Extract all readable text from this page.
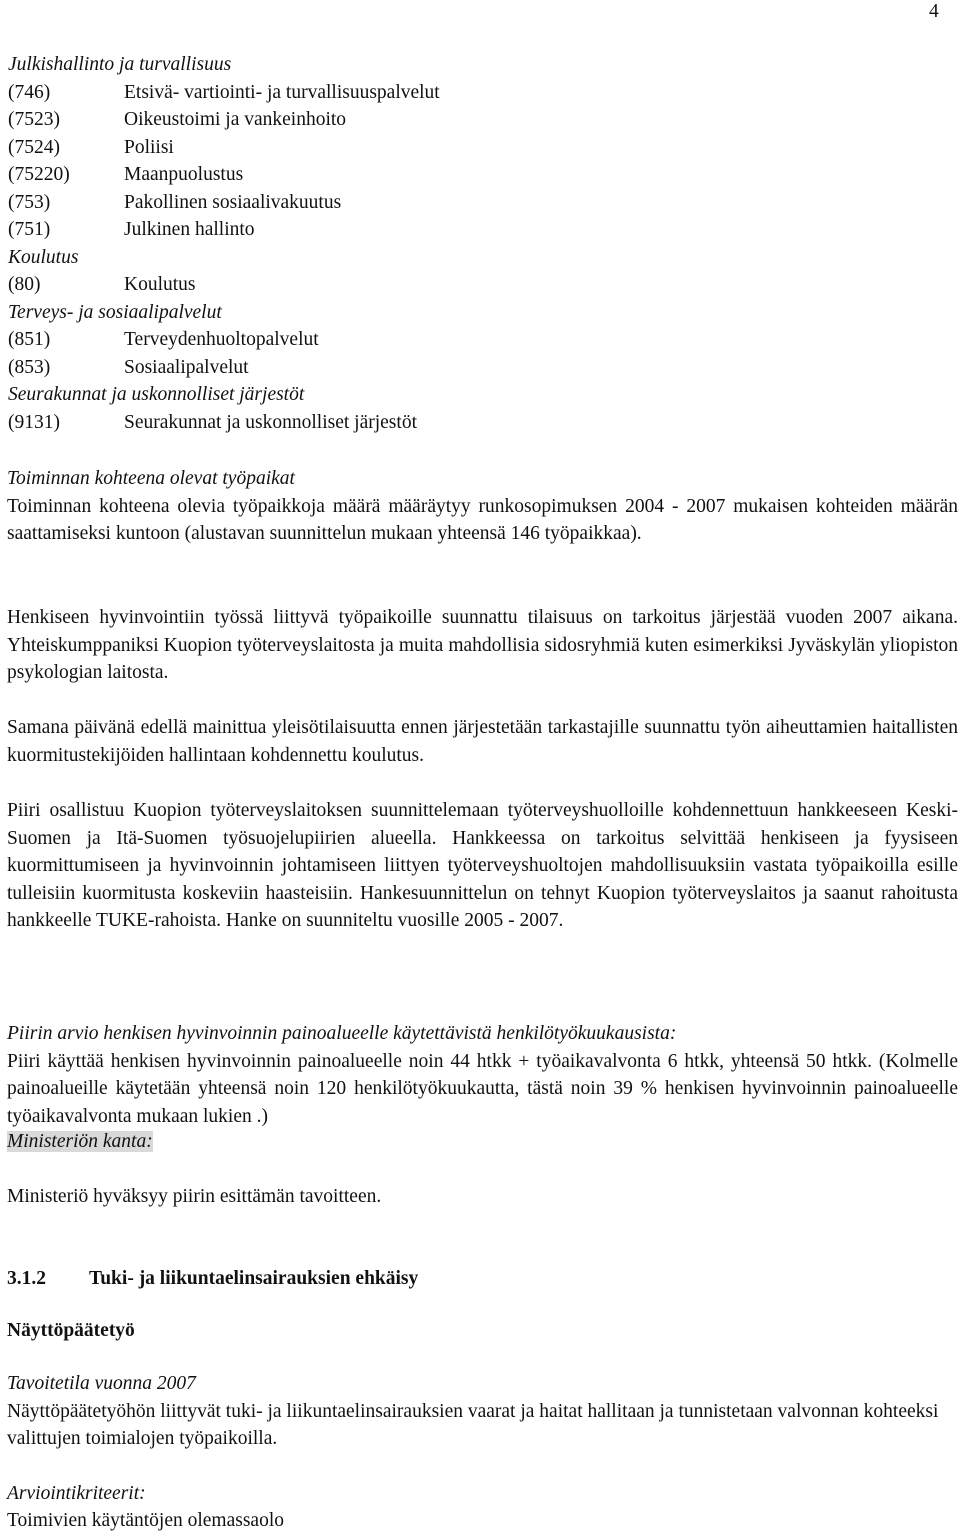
4
Julkishallinto ja turvallisuus
(746)	Etsivä- vartiointi- ja turvallisuuspalvelut
(7523)	Oikeustoimi ja vankeinhoito
(7524)	Poliisi
(75220)	Maanpuolustus
(753)	Pakollinen sosiaalivakuutus
(751)	Julkinen hallinto
Koulutus
(80)	Koulutus
Terveys- ja sosiaalipalvelut
(851)	Terveydenhuoltopalvelut
(853)	Sosiaalipalvelut
Seurakunnat ja uskonnolliset järjestöt
(9131)	Seurakunnat ja uskonnolliset järjestöt
Toiminnan kohteena olevat työpaikat

Toiminnan kohteena olevia työpaikkoja määrä määräytyy runkosopimuksen 2004 - 2007 mukaisen kohteiden määrän saattamiseksi kuntoon (alustavan suunnittelun mukaan yhteensä 146 työpaikkaa).

Henkiseen hyvinvointiin työssä liittyvä työpaikoille suunnattu tilaisuus on tarkoitus järjestää vuoden 2007 aikana. Yhteiskumppaniksi Kuopion työterveyslaitosta ja muita mahdollisia sidosryhmiä kuten esimerkiksi Jyväskylän yliopiston psykologian laitosta.
Samana päivänä edellä mainittua yleisötilaisuutta ennen järjestetään tarkastajille suunnattu työn aiheuttamien haitallisten kuormitustekijöiden hallintaan kohdennettu koulutus.
Piiri osallistuu Kuopion työterveyslaitoksen suunnittelemaan työterveyshuolloille kohdennettuun hankkeeseen Keski-Suomen ja Itä-Suomen työsuojelupiirien alueella. Hankkeessa on tarkoitus selvittää henkiseen ja fyysiseen kuormittumiseen ja hyvinvoinnin johtamiseen liittyen työterveyshuoltojen mahdollisuuksiin vastata työpaikoilla esille tulleisiin kuormitusta koskeviin haasteisiin. Hankesuunnittelun on tehnyt Kuopion työterveyslaitos ja saanut rahoitusta hankkeelle TUKE-rahoista. Hanke on suunniteltu vuosille 2005 - 2007.
Piirin arvio henkisen hyvinvoinnin painoalueelle käytettävistä henkilötyökuukausista:

Piiri käyttää henkisen hyvinvoinnin painoalueelle noin 44 htkk + työaikavalvonta 6 htkk, yhteensä 50 htkk. (Kolmelle painoalueille käytetään yhteensä noin 120 henkilötyökuukautta, tästä noin 39 % henkisen hyvinvoinnin painoalueelle työaikavalvonta mukaan lukien .)

Ministeriön kanta:
Ministeriö hyväksyy piirin esittämän tavoitteen.
3.1.2 Tuki- ja liikuntaelinsairauksien ehkäisy
Näyttöpäätetyö
Tavoitetila vuonna 2007

Näyttöpäätetyöhön liittyvät tuki- ja liikuntaelinsairauksien vaarat ja haitat hallitaan ja tunnistetaan valvonnan kohteeksi valittujen toimialojen työpaikoilla.

Arviointikriteerit:
Toimivien käytäntöjen olemassaolo
